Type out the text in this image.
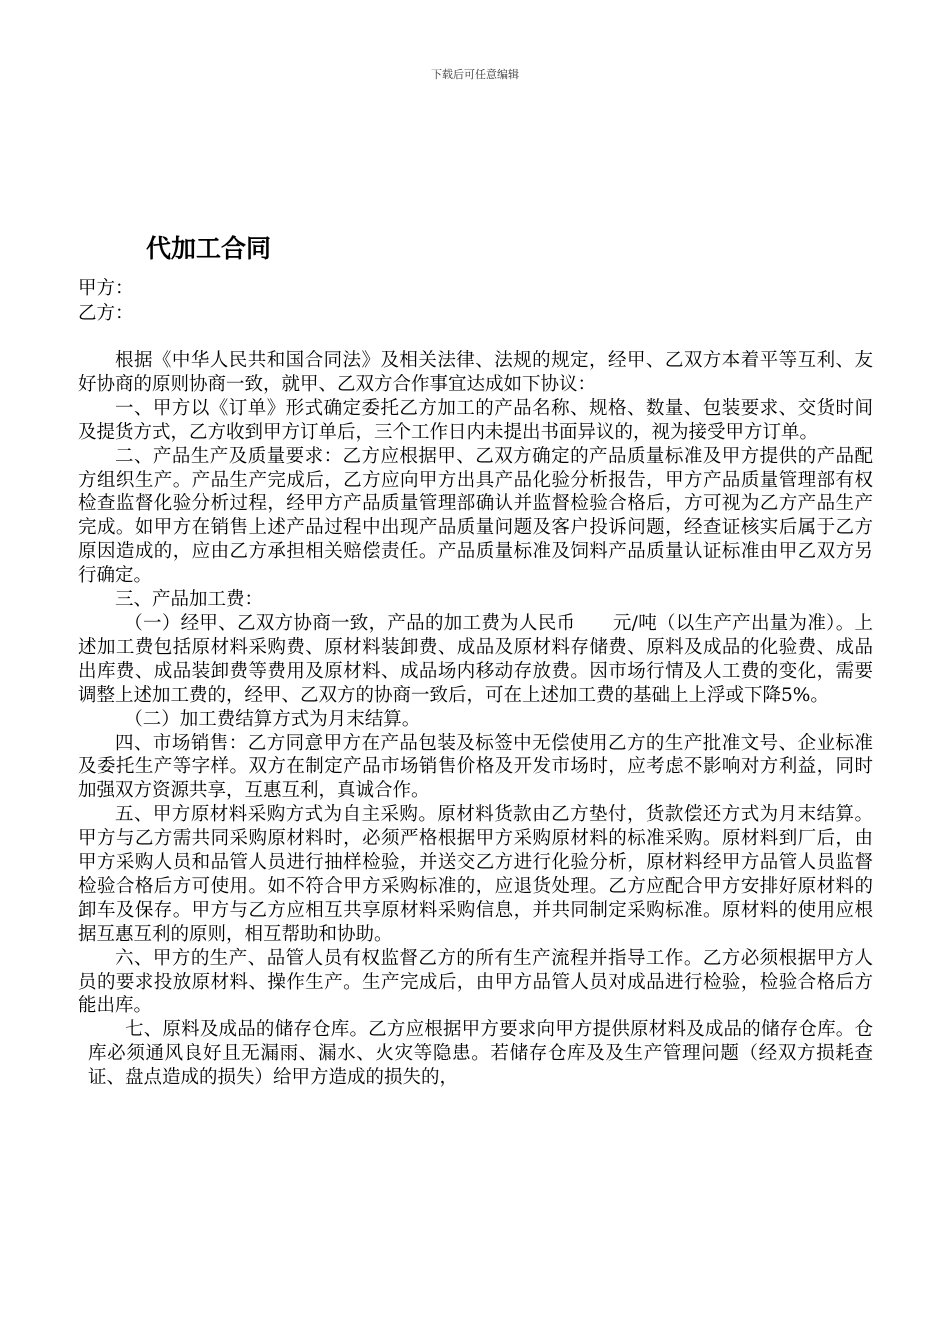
下载后可任意编辑
代加工合同
甲方：
乙方：

根据《中华人民共和国合同法》及相关法律、法规的规定，经甲、乙双方本着平等互利、友好协商的原则协商一致，就甲、乙双方合作事宜达成如下协议：

一、甲方以《订单》形式确定委托乙方加工的产品名称、规格、数量、包装要求、交货时间及提货方式，乙方收到甲方订单后，三个工作日内未提出书面异议的，视为接受甲方订单。

二、产品生产及质量要求：乙方应根据甲、乙双方确定的产品质量标准及甲方提供的产品配方组织生产。产品生产完成后，乙方应向甲方出具产品化验分析报告，甲方产品质量管理部有权检查监督化验分析过程，经甲方产品质量管理部确认并监督检验合格后，方可视为乙方产品生产完成。如甲方在销售上述产品过程中出现产品质量问题及客户投诉问题，经查证核实后属于乙方原因造成的，应由乙方承担相关赔偿责任。产品质量标准及饲料产品质量认证标准由甲乙双方另行确定。

三、产品加工费：

（一）经甲、乙双方协商一致，产品的加工费为人民币　　元/吨（以生产产出量为准）。上述加工费包括原材料采购费、原材料装卸费、成品及原材料存储费、原料及成品的化验费、成品出库费、成品装卸费等费用及原材料、成品场内移动存放费。因市场行情及人工费的变化，需要调整上述加工费的，经甲、乙双方的协商一致后，可在上述加工费的基础上上浮或下降5%。

（二）加工费结算方式为月末结算。

四、市场销售：乙方同意甲方在产品包装及标签中无偿使用乙方的生产批准文号、企业标准及委托生产等字样。双方在制定产品市场销售价格及开发市场时，应考虑不影响对方利益，同时加强双方资源共享，互惠互利，真诚合作。

五、甲方原材料采购方式为自主采购。原材料货款由乙方垫付，货款偿还方式为月末结算。甲方与乙方需共同采购原材料时，必须严格根据甲方采购原材料的标准采购。原材料到厂后，由甲方采购人员和品管人员进行抽样检验，并送交乙方进行化验分析，原材料经甲方品管人员监督检验合格后方可使用。如不符合甲方采购标准的，应退货处理。乙方应配合甲方安排好原材料的卸车及保存。甲方与乙方应相互共享原材料采购信息，并共同制定采购标准。原材料的使用应根据互惠互利的原则，相互帮助和协助。

六、甲方的生产、品管人员有权监督乙方的所有生产流程并指导工作。乙方必须根据甲方人员的要求投放原材料、操作生产。生产完成后，由甲方品管人员对成品进行检验，检验合格后方能出库。

七、原料及成品的储存仓库。乙方应根据甲方要求向甲方提供原材料及成品的储存仓库。仓库必须通风良好且无漏雨、漏水、火灾等隐患。若储存仓库及及生产管理问题（经双方损耗查证、盘点造成的损失）给甲方造成的损失的，
